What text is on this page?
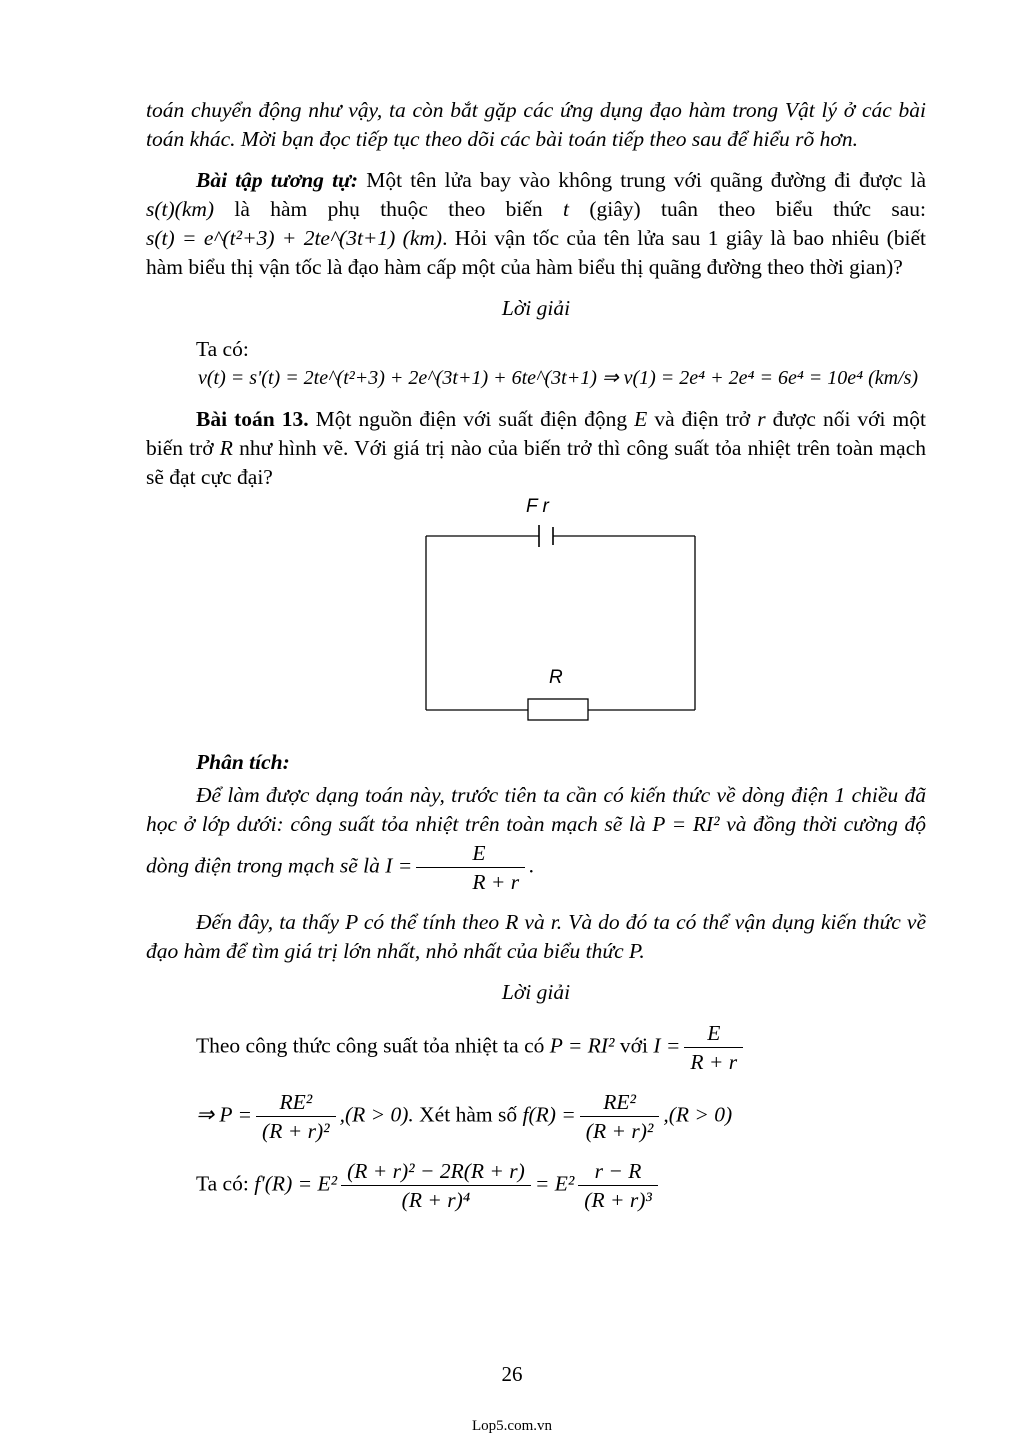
toán chuyển động như vậy, ta còn bắt gặp các ứng dụng đạo hàm trong Vật lý ở các bài toán khác. Mời bạn đọc tiếp tục theo dõi các bài toán tiếp theo sau để hiểu rõ hơn.

Bài tập tương tự: Một tên lửa bay vào không trung với quãng đường đi được là s(t)(km) là hàm phụ thuộc theo biến t (giây) tuân theo biểu thức sau: s(t) = e^(t²+3) + 2te^(3t+1) (km). Hỏi vận tốc của tên lửa sau 1 giây là bao nhiêu (biết hàm biểu thị vận tốc là đạo hàm cấp một của hàm biểu thị quãng đường theo thời gian)?

Lời giải

Ta có:

v(t) = s'(t) = 2te^(t²+3) + 2e^(3t+1) + 6te^(3t+1) ⇒ v(1) = 2e⁴ + 2e⁴ = 6e⁴ = 10e⁴ (km/s)

Bài toán 13. Một nguồn điện với suất điện động E và điện trở r được nối với một biến trở R như hình vẽ. Với giá trị nào của biến trở thì công suất tỏa nhiệt trên toàn mạch sẽ đạt cực đại?

F r
R

Phân tích:

Để làm được dạng toán này, trước tiên ta cần có kiến thức về dòng điện 1 chiều đã học ở lớp dưới: công suất tỏa nhiệt trên toàn mạch sẽ là P = RI² và đồng thời cường độ dòng điện trong mạch sẽ là $I = \frac{E}{R + r}$ .

Đến đây, ta thấy P có thể tính theo R và r. Và do đó ta có thể vận dụng kiến thức về đạo hàm để tìm giá trị lớn nhất, nhỏ nhất của biểu thức P.

Lời giải

Theo công thức công suất tỏa nhiệt ta có P = RI² với $I = \frac{E}{R + r}$

⇒ $P = \frac{\text{RE²}}{\text{(R + r)²}} ,(R > 0)$. Xét hàm số $f(R) = \frac{\text{RE²}}{\text{(R + r)²}} ,(R > 0)$

Ta có: $f'(R) = E^2 \frac{\text{(R + r)² − 2R(R + r)}}{\text{(R + r)⁴}} = E^2 \frac{r - R}{\text{(R + r)³}}$

26
Lop5.com.vn
